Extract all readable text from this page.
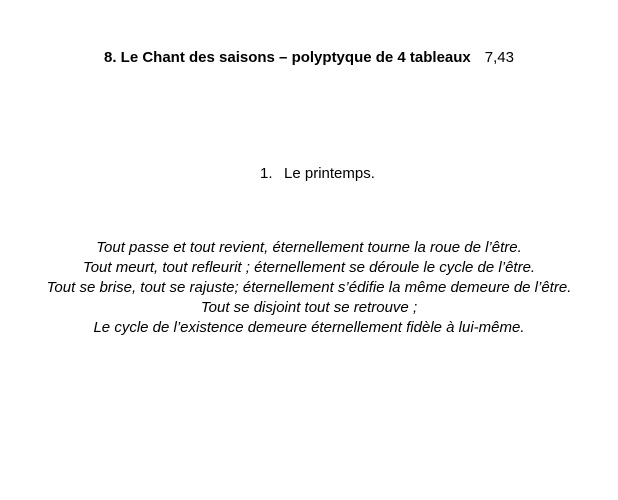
8. Le Chant des saisons – polyptyque de 4 tableaux 7,43
1. Le printemps.
Tout passe et tout revient, éternellement tourne la roue de l’être.
Tout meurt, tout refleurit ; éternellement se déroule le cycle de l’être.
Tout se brise, tout se rajuste; éternellement s’édifie la même demeure de l’être.
Tout se disjoint tout se retrouve ;
Le cycle de l’existence demeure éternellement fidèle à lui-même.
